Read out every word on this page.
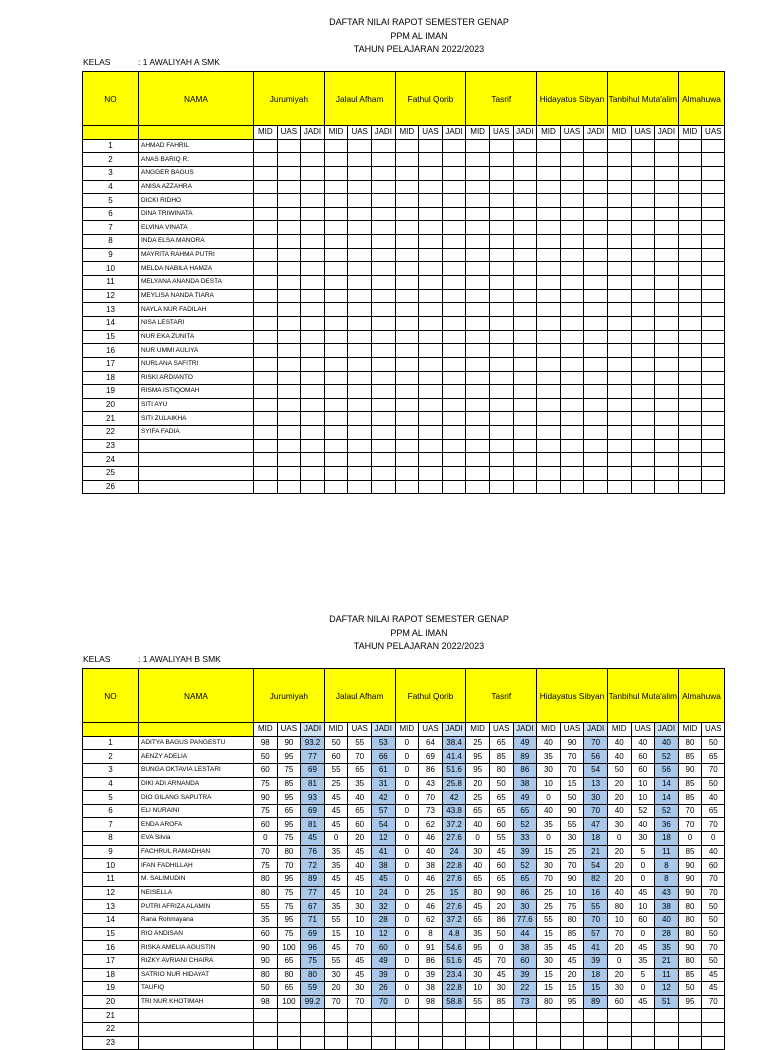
DAFTAR NILAI RAPOT SEMESTER GENAP
PPM AL IMAN
TAHUN PELAJARAN 2022/2023
KELAS	: 1 AWALIYAH A SMK
NO	NAMA	Jurumiyah			Jalaul Afham			Fathul Qorib			Tasrif			Hidayatus Sibyan			Tanbihul Muta'alim			Almahuwa	
		MID	UAS	JADI	MID	UAS	JADI	MID	UAS	JADI	MID	UAS	JADI	MID	UAS	JADI	MID	UAS	JADI	MID	UAS
1	AHMAD FAHRIL																				
2	ANAS BARIQ R.																				
3	ANGGER BAGUS																				
4	ANISA AZZAHRA																				
5	DICKI RIDHO																				
6	DINA TRIWINATA																				
7	ELVINA VINATA																				
8	INDA ELSA MANORA																				
9	MAYRITA RAHMA PUTRI																				
10	MELDA NABILA HAMZA																				
11	MELYANA ANANDA DESTA																				
12	MEYLISA NANDA TIARA																				
13	NAYLA NUR FADILAH																				
14	NISA LESTARI																				
15	NUR EKA ZUNITA																				
16	NUR UMMI AULIYA																				
17	NURLANA SAFITRI																				
18	RISKI ARDIANTO																				
19	RISMA ISTIQOMAH																				
20	SITI AYU																				
21	SITI ZULAIKHA																				
22	SYIFA FADIA																				
23																					
24																					
25																					
26																					
DAFTAR NILAI RAPOT SEMESTER GENAP
PPM AL IMAN
TAHUN PELAJARAN 2022/2023
KELAS	: 1 AWALIYAH B SMK
NO	NAMA	Jurumiyah			Jalaul Afham			Fathul Qorib			Tasrif			Hidayatus Sibyan			Tanbihul Muta'alim			Almahuwa	
		MID	UAS	JADI	MID	UAS	JADI	MID	UAS	JADI	MID	UAS	JADI	MID	UAS	JADI	MID	UAS	JADI	MID	UAS
1	ADITYA BAGUS PANGESTU	98	90	93.2	50	55	53	0	64	38.4	25	65	49	40	90	70	40	40	40	80	50
2	AENZY ADELIA	50	95	77	60	70	66	0	69	41.4	95	85	89	35	70	56	40	60	52	85	65
3	BUNGA OKTAVIA LESTARI	60	75	69	55	65	61	0	86	51.6	95	80	86	30	70	54	50	60	56	90	70
4	DIKI ADI ARNANDA	75	85	81	25	35	31	0	43	25.8	20	50	38	10	15	13	20	10	14	85	50
5	DIO GILANG SAPUTRA	90	95	93	45	40	42	0	70	42	25	65	49	0	50	30	20	10	14	85	40
6	ELI NURAINI	75	65	69	45	65	57	0	73	43.8	65	65	65	40	90	70	40	52	52	70	65
7	ENDA AROFA	60	95	81	45	60	54	0	62	37.2	40	60	52	35	55	47	30	40	36	70	70
8	EVA Silvia	0	75	45	0	20	12	0	46	27.6	0	55	33	0	30	18	0	30	18	0	0
9	FACHRUL RAMADHAN	70	80	76	35	45	41	0	40	24	30	45	39	15	25	21	20	5	11	85	40
10	IFAN FADHILLAH	75	70	72	35	40	38	0	38	22.8	40	60	52	30	70	54	20	0	8	90	60
11	M. SALIMUDIN	80	95	89	45	45	45	0	46	27.6	65	65	65	70	90	82	20	0	8	90	70
12	NEISELLA	80	75	77	45	10	24	0	25	15	80	90	86	25	10	16	40	45	43	90	70
13	PUTRI AFRIZA ALAMIN	55	75	67	35	30	32	0	46	27.6	45	20	30	25	75	55	80	10	38	80	50
14	Rana Rohmayana	35	95	71	55	10	28	0	62	37.2	65	86	77.6	55	80	70	10	60	40	80	50
15	RIO ANDISAN	60	75	69	15	10	12	0	8	4.8	35	50	44	15	85	57	70	0	28	80	50
16	RISKA AMELIA AGUSTIN	90	100	96	45	70	60	0	91	54.6	95	0	38	35	45	41	20	45	35	90	70
17	RIZKY AVRIANI CHAIRA	90	65	75	55	45	49	0	86	51.6	45	70	60	30	45	39	0	35	21	80	50
18	SATRIO NUR HIDAYAT	80	80	80	30	45	39	0	39	23.4	30	45	39	15	20	18	20	5	11	85	45
19	TAUFIQ	50	65	59	20	30	26	0	38	22.8	10	30	22	15	15	15	30	0	12	50	45
20	TRI NUR KHOTIMAH	98	100	99.2	70	70	70	0	98	58.8	55	85	73	80	95	89	60	45	51	95	70
21																					
22																					
23																					
